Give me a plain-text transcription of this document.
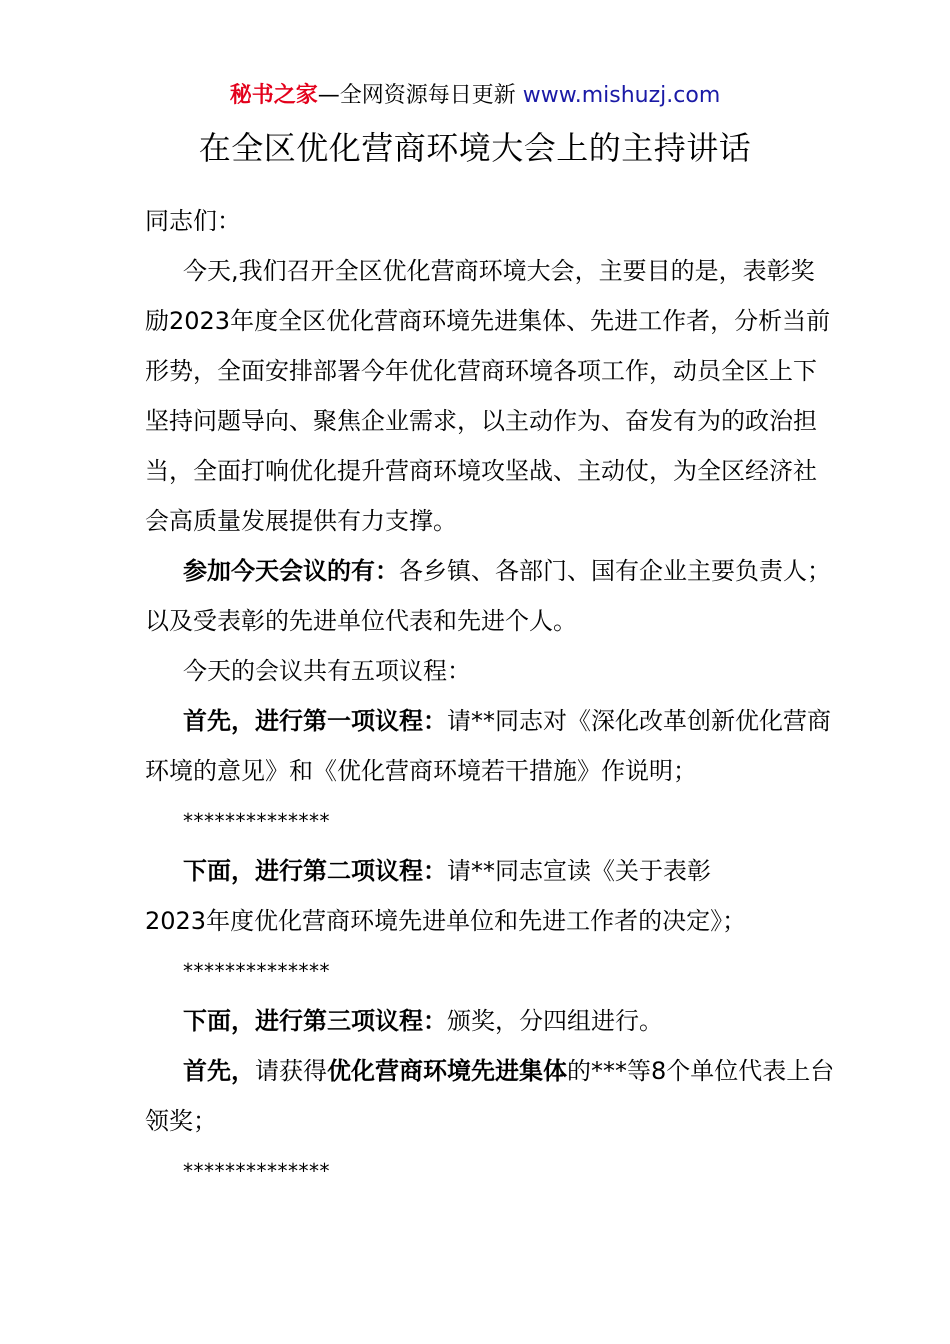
秘书之家—全网资源每日更新 www.mishuzj.com
在全区优化营商环境大会上的主持讲话

同志们：

今天,我们召开全区优化营商环境大会，主要目的是，表彰奖励2023年度全区优化营商环境先进集体、先进工作者，分析当前形势，全面安排部署今年优化营商环境各项工作，动员全区上下坚持问题导向、聚焦企业需求，以主动作为、奋发有为的政治担当，全面打响优化提升营商环境攻坚战、主动仗，为全区经济社会高质量发展提供有力支撑。

参加今天会议的有：各乡镇、各部门、国有企业主要负责人；以及受表彰的先进单位代表和先进个人。

今天的会议共有五项议程：

首先，进行第一项议程：请**同志对《深化改革创新优化营商环境的意见》和《优化营商环境若干措施》作说明；

**************

下面，进行第二项议程：请**同志宣读《关于表彰

2023年度优化营商环境先进单位和先进工作者的决定》；

**************

下面，进行第三项议程：颁奖，分四组进行。

首先，请获得优化营商环境先进集体的***等8个单位代表上台领奖；

**************
